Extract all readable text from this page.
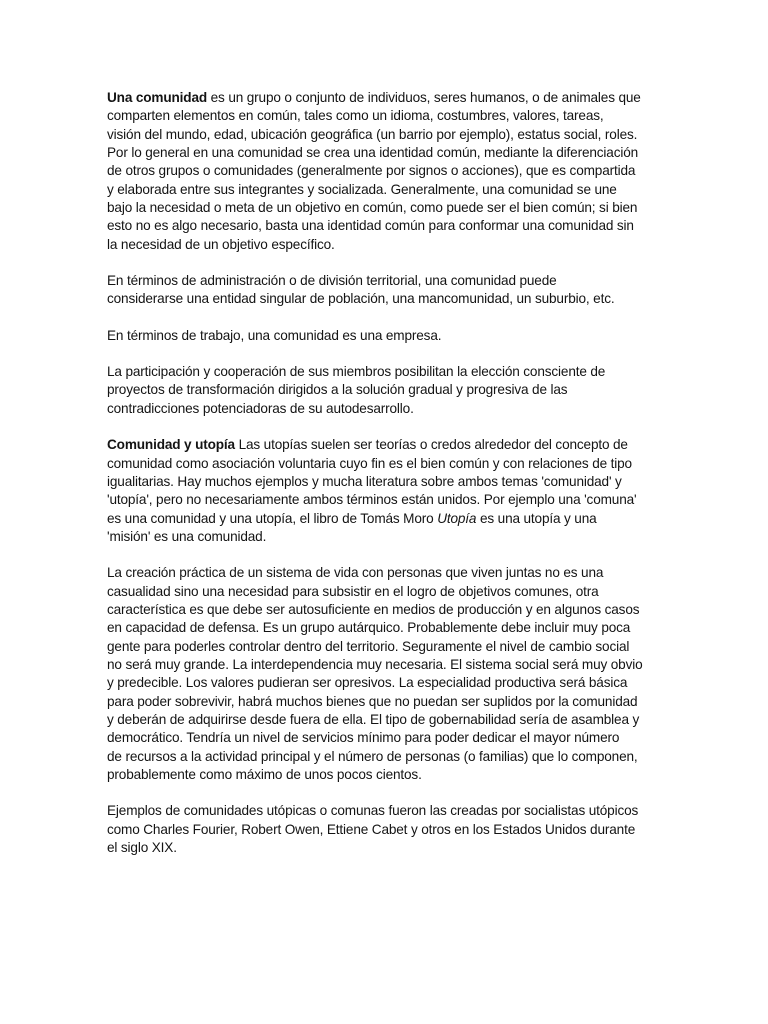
Una comunidad es un grupo o conjunto de individuos, seres humanos, o de animales que
comparten elementos en común, tales como un idioma, costumbres, valores, tareas,
visión del mundo, edad, ubicación geográfica (un barrio por ejemplo), estatus social, roles.
Por lo general en una comunidad se crea una identidad común, mediante la diferenciación
de otros grupos o comunidades (generalmente por signos o acciones), que es compartida
y elaborada entre sus integrantes y socializada. Generalmente, una comunidad se une
bajo la necesidad o meta de un objetivo en común, como puede ser el bien común; si bien
esto no es algo necesario, basta una identidad común para conformar una comunidad sin
la necesidad de un objetivo específico.

En términos de administración o de división territorial, una comunidad puede
considerarse una entidad singular de población, una mancomunidad, un suburbio, etc.

En términos de trabajo, una comunidad es una empresa.

La participación y cooperación de sus miembros posibilitan la elección consciente de
proyectos de transformación dirigidos a la solución gradual y progresiva de las
contradicciones potenciadoras de su autodesarrollo.

Comunidad y utopía Las utopías suelen ser teorías o credos alrededor del concepto de
comunidad como asociación voluntaria cuyo fin es el bien común y con relaciones de tipo
igualitarias. Hay muchos ejemplos y mucha literatura sobre ambos temas 'comunidad' y
'utopía', pero no necesariamente ambos términos están unidos. Por ejemplo una 'comuna'
es una comunidad y una utopía, el libro de Tomás Moro Utopía es una utopía y una
'misión' es una comunidad.

La creación práctica de un sistema de vida con personas que viven juntas no es una
casualidad sino una necesidad para subsistir en el logro de objetivos comunes, otra
característica es que debe ser autosuficiente en medios de producción y en algunos casos
en capacidad de defensa. Es un grupo autárquico. Probablemente debe incluir muy poca
gente para poderles controlar dentro del territorio. Seguramente el nivel de cambio social
no será muy grande. La interdependencia muy necesaria. El sistema social será muy obvio
y predecible. Los valores pudieran ser opresivos. La especialidad productiva será básica
para poder sobrevivir, habrá muchos bienes que no puedan ser suplidos por la comunidad
y deberán de adquirirse desde fuera de ella. El tipo de gobernabilidad sería de asamblea y
democrático. Tendría un nivel de servicios mínimo para poder dedicar el mayor número
de recursos a la actividad principal y el número de personas (o familias) que lo componen,
probablemente como máximo de unos pocos cientos.

Ejemplos de comunidades utópicas o comunas fueron las creadas por socialistas utópicos
como Charles Fourier, Robert Owen, Ettiene Cabet y otros en los Estados Unidos durante
el siglo XIX.
